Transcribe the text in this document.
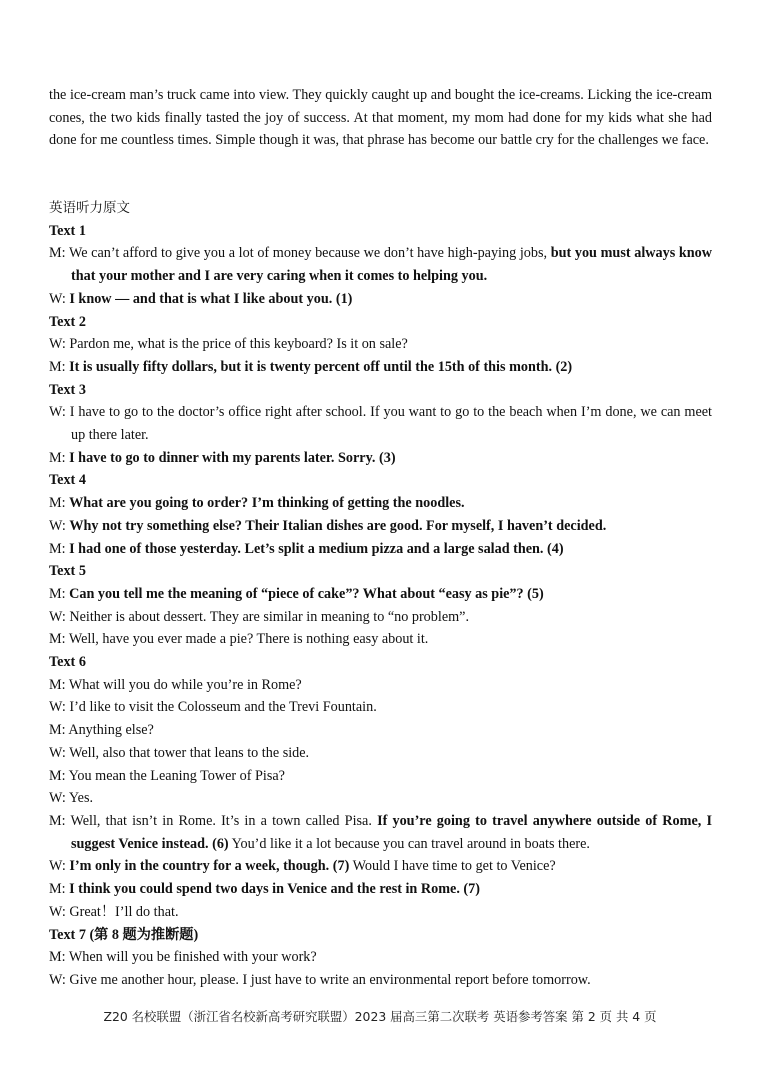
the ice-cream man’s truck came into view. They quickly caught up and bought the ice-creams. Licking the ice-cream cones, the two kids finally tasted the joy of success. At that moment, my mom had done for my kids what she had done for me countless times. Simple though it was, that phrase has become our battle cry for the challenges we face.

英语听力原文
Text 1
M: We can’t afford to give you a lot of money because we don’t have high-paying jobs, but you must always know that your mother and I are very caring when it comes to helping you.
W: I know — and that is what I like about you. (1)
Text 2
W: Pardon me, what is the price of this keyboard? Is it on sale?
M: It is usually fifty dollars, but it is twenty percent off until the 15th of this month. (2)
Text 3
W: I have to go to the doctor’s office right after school. If you want to go to the beach when I’m done, we can meet up there later.
M: I have to go to dinner with my parents later. Sorry. (3)
Text 4
M: What are you going to order? I’m thinking of getting the noodles.
W: Why not try something else? Their Italian dishes are good. For myself, I haven’t decided.
M: I had one of those yesterday. Let’s split a medium pizza and a large salad then. (4)
Text 5
M: Can you tell me the meaning of “piece of cake”? What about “easy as pie”? (5)
W: Neither is about dessert. They are similar in meaning to “no problem”.
M: Well, have you ever made a pie? There is nothing easy about it.
Text 6
M: What will you do while you’re in Rome?
W: I’d like to visit the Colosseum and the Trevi Fountain.
M: Anything else?
W: Well, also that tower that leans to the side.
M: You mean the Leaning Tower of Pisa?
W: Yes.
M: Well, that isn’t in Rome. It’s in a town called Pisa. If you’re going to travel anywhere outside of Rome, I suggest Venice instead. (6) You’d like it a lot because you can travel around in boats there.
W: I’m only in the country for a week, though. (7) Would I have time to get to Venice?
M: I think you could spend two days in Venice and the rest in Rome. (7)
W: Great！I’ll do that.
Text 7 (第 8 题为推断题)
M: When will you be finished with your work?
W: Give me another hour, please. I just have to write an environmental report before tomorrow.
Z20 名校联盟（浙江省名校新高考研究联盟）2023 届高三第二次联考 英语参考答案 第 2 页 共 4 页
